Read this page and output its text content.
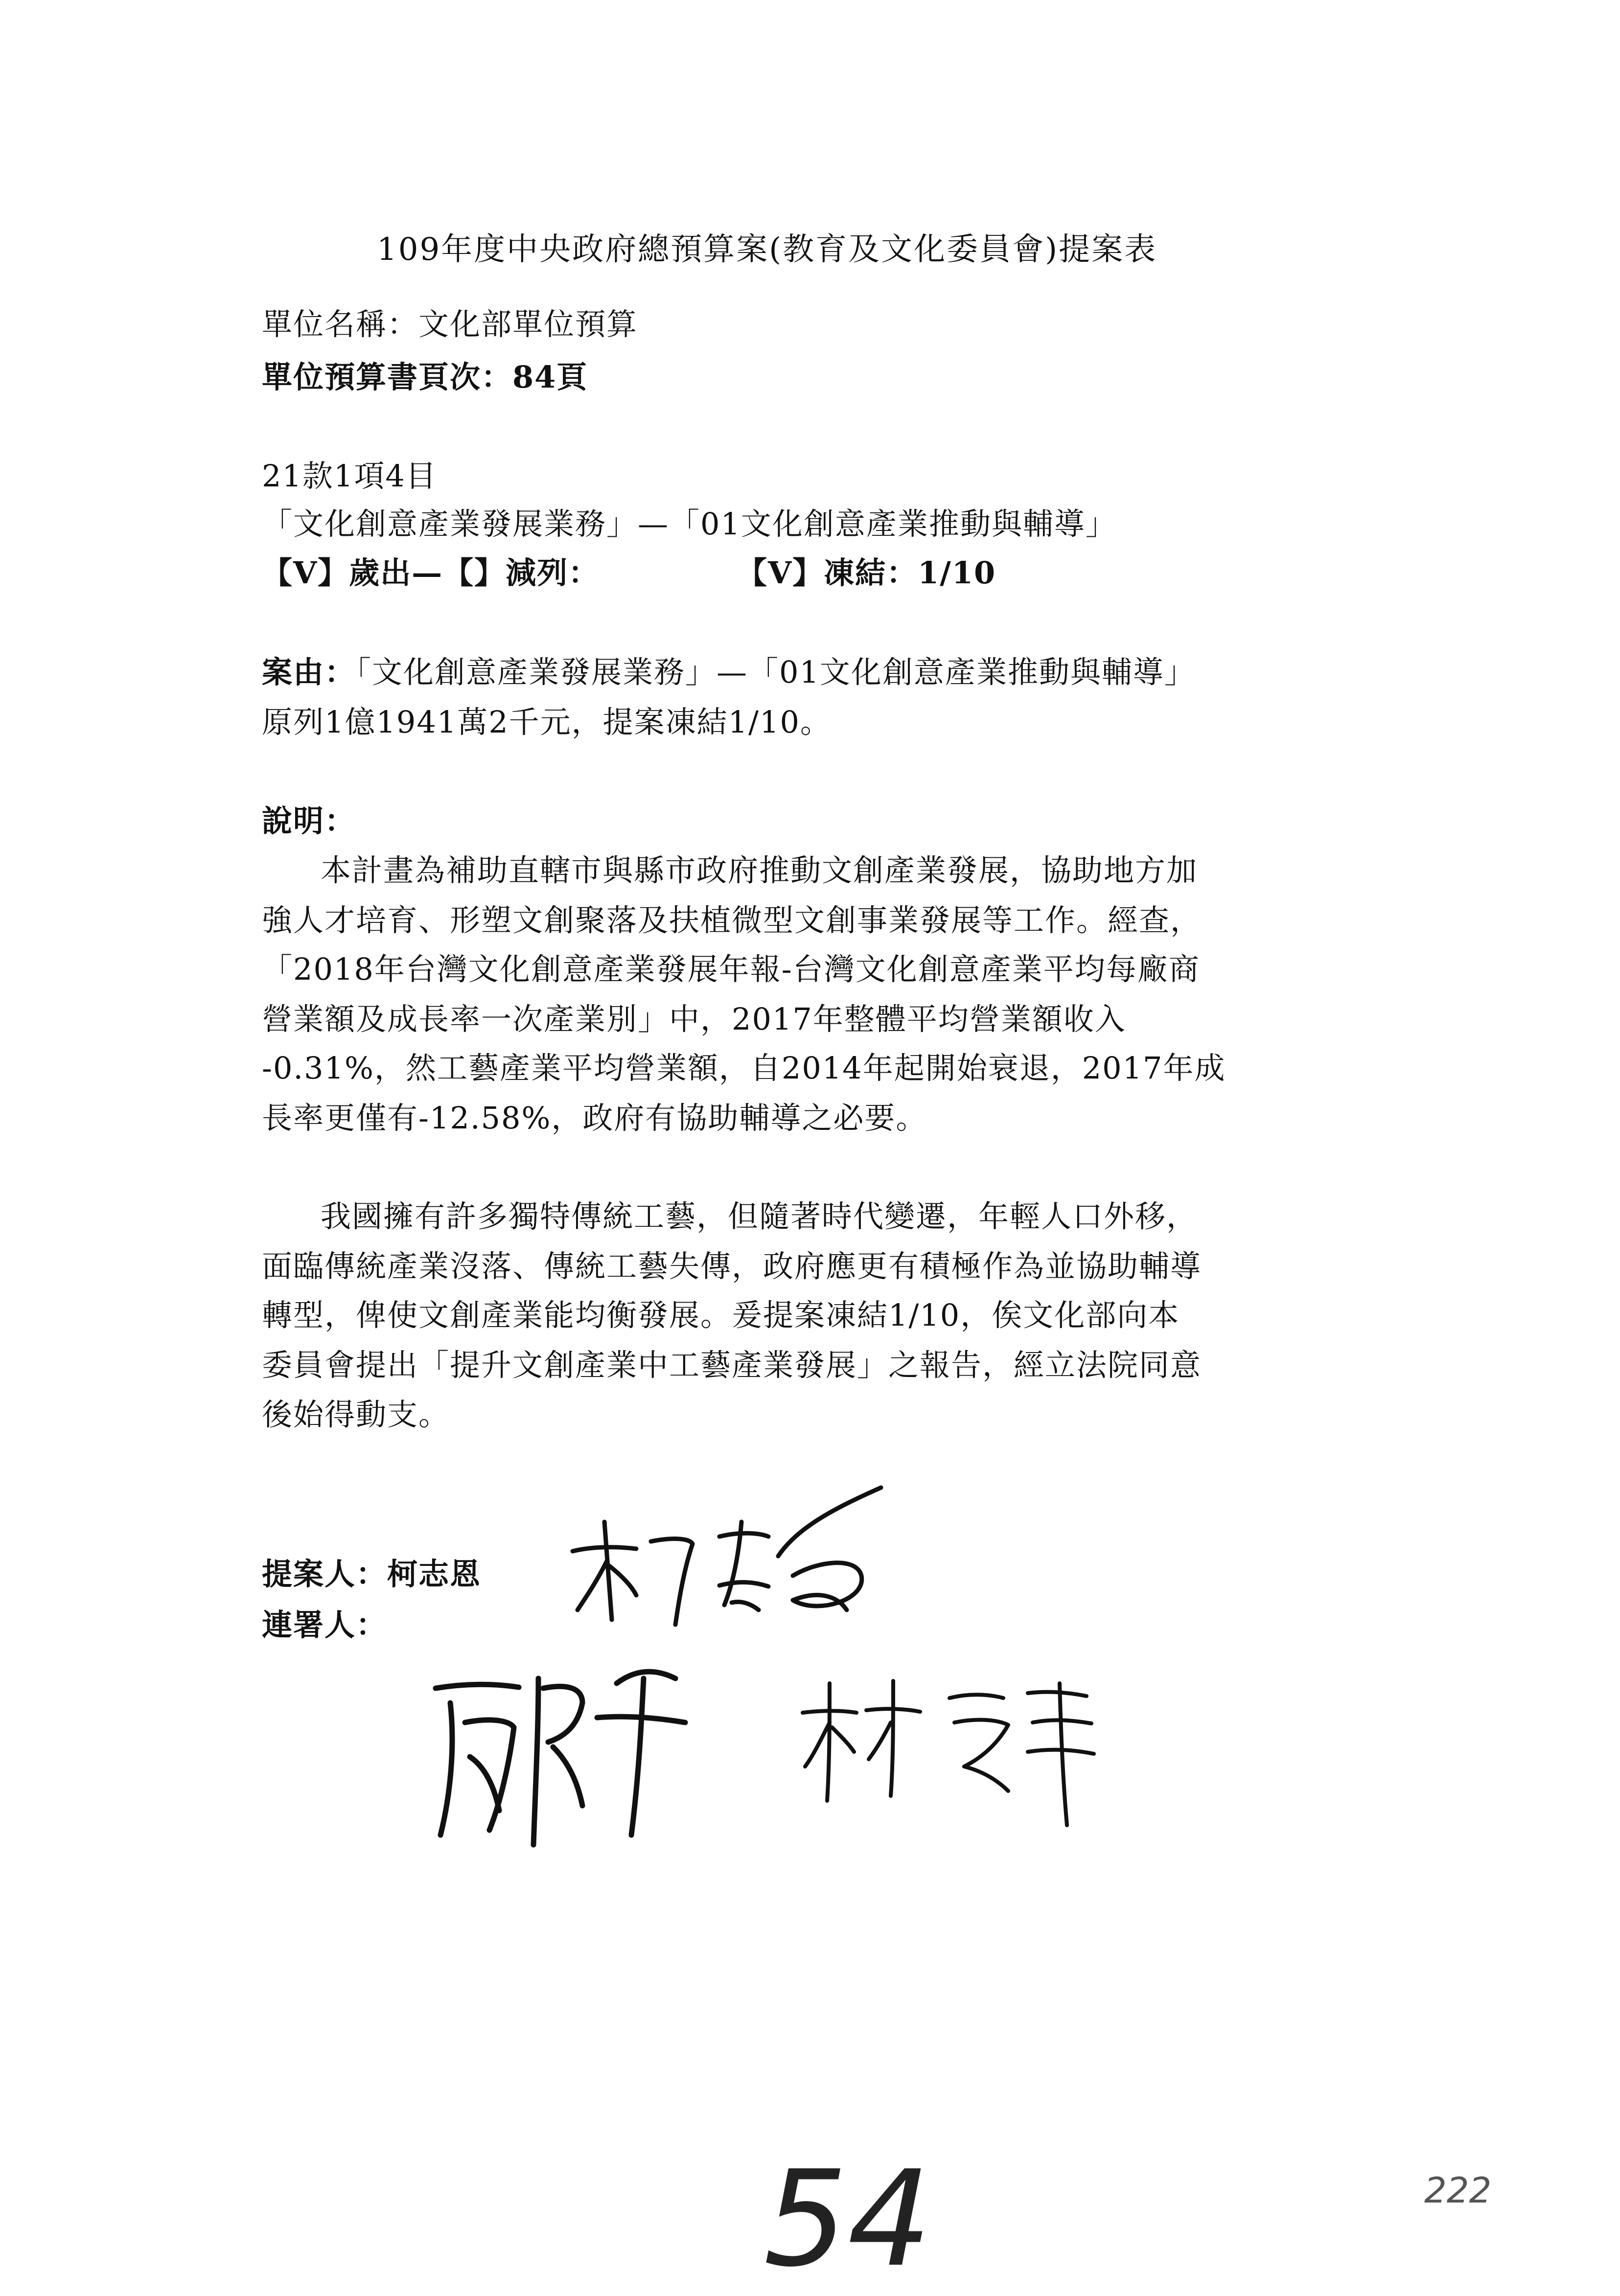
109年度中央政府總預算案(教育及文化委員會)提案表
單位名稱：文化部單位預算
單位預算書頁次：84頁
21款1項4目
「文化創意產業發展業務」—「01文化創意產業推動與輔導」
【V】歲出—【】減列：	【V】凍結：1/10
案由：「文化創意產業發展業務」—「01文化創意產業推動與輔導」
原列1億1941萬2千元，提案凍結1/10。
說明：
本計畫為補助直轄市與縣市政府推動文創產業發展，協助地方加
強人才培育、形塑文創聚落及扶植微型文創事業發展等工作。經查，
「2018年台灣文化創意產業發展年報-台灣文化創意產業平均每廠商
營業額及成長率一次產業別」中，2017年整體平均營業額收入
-0.31%，然工藝產業平均營業額，自2014年起開始衰退，2017年成
長率更僅有-12.58%，政府有協助輔導之必要。
我國擁有許多獨特傳統工藝，但隨著時代變遷，年輕人口外移，
面臨傳統產業沒落、傳統工藝失傳，政府應更有積極作為並協助輔導
轉型，俾使文創產業能均衡發展。爰提案凍結1/10，俟文化部向本
委員會提出「提升文創產業中工藝產業發展」之報告，經立法院同意
後始得動支。
提案人：柯志恩
連署人：
54	222
